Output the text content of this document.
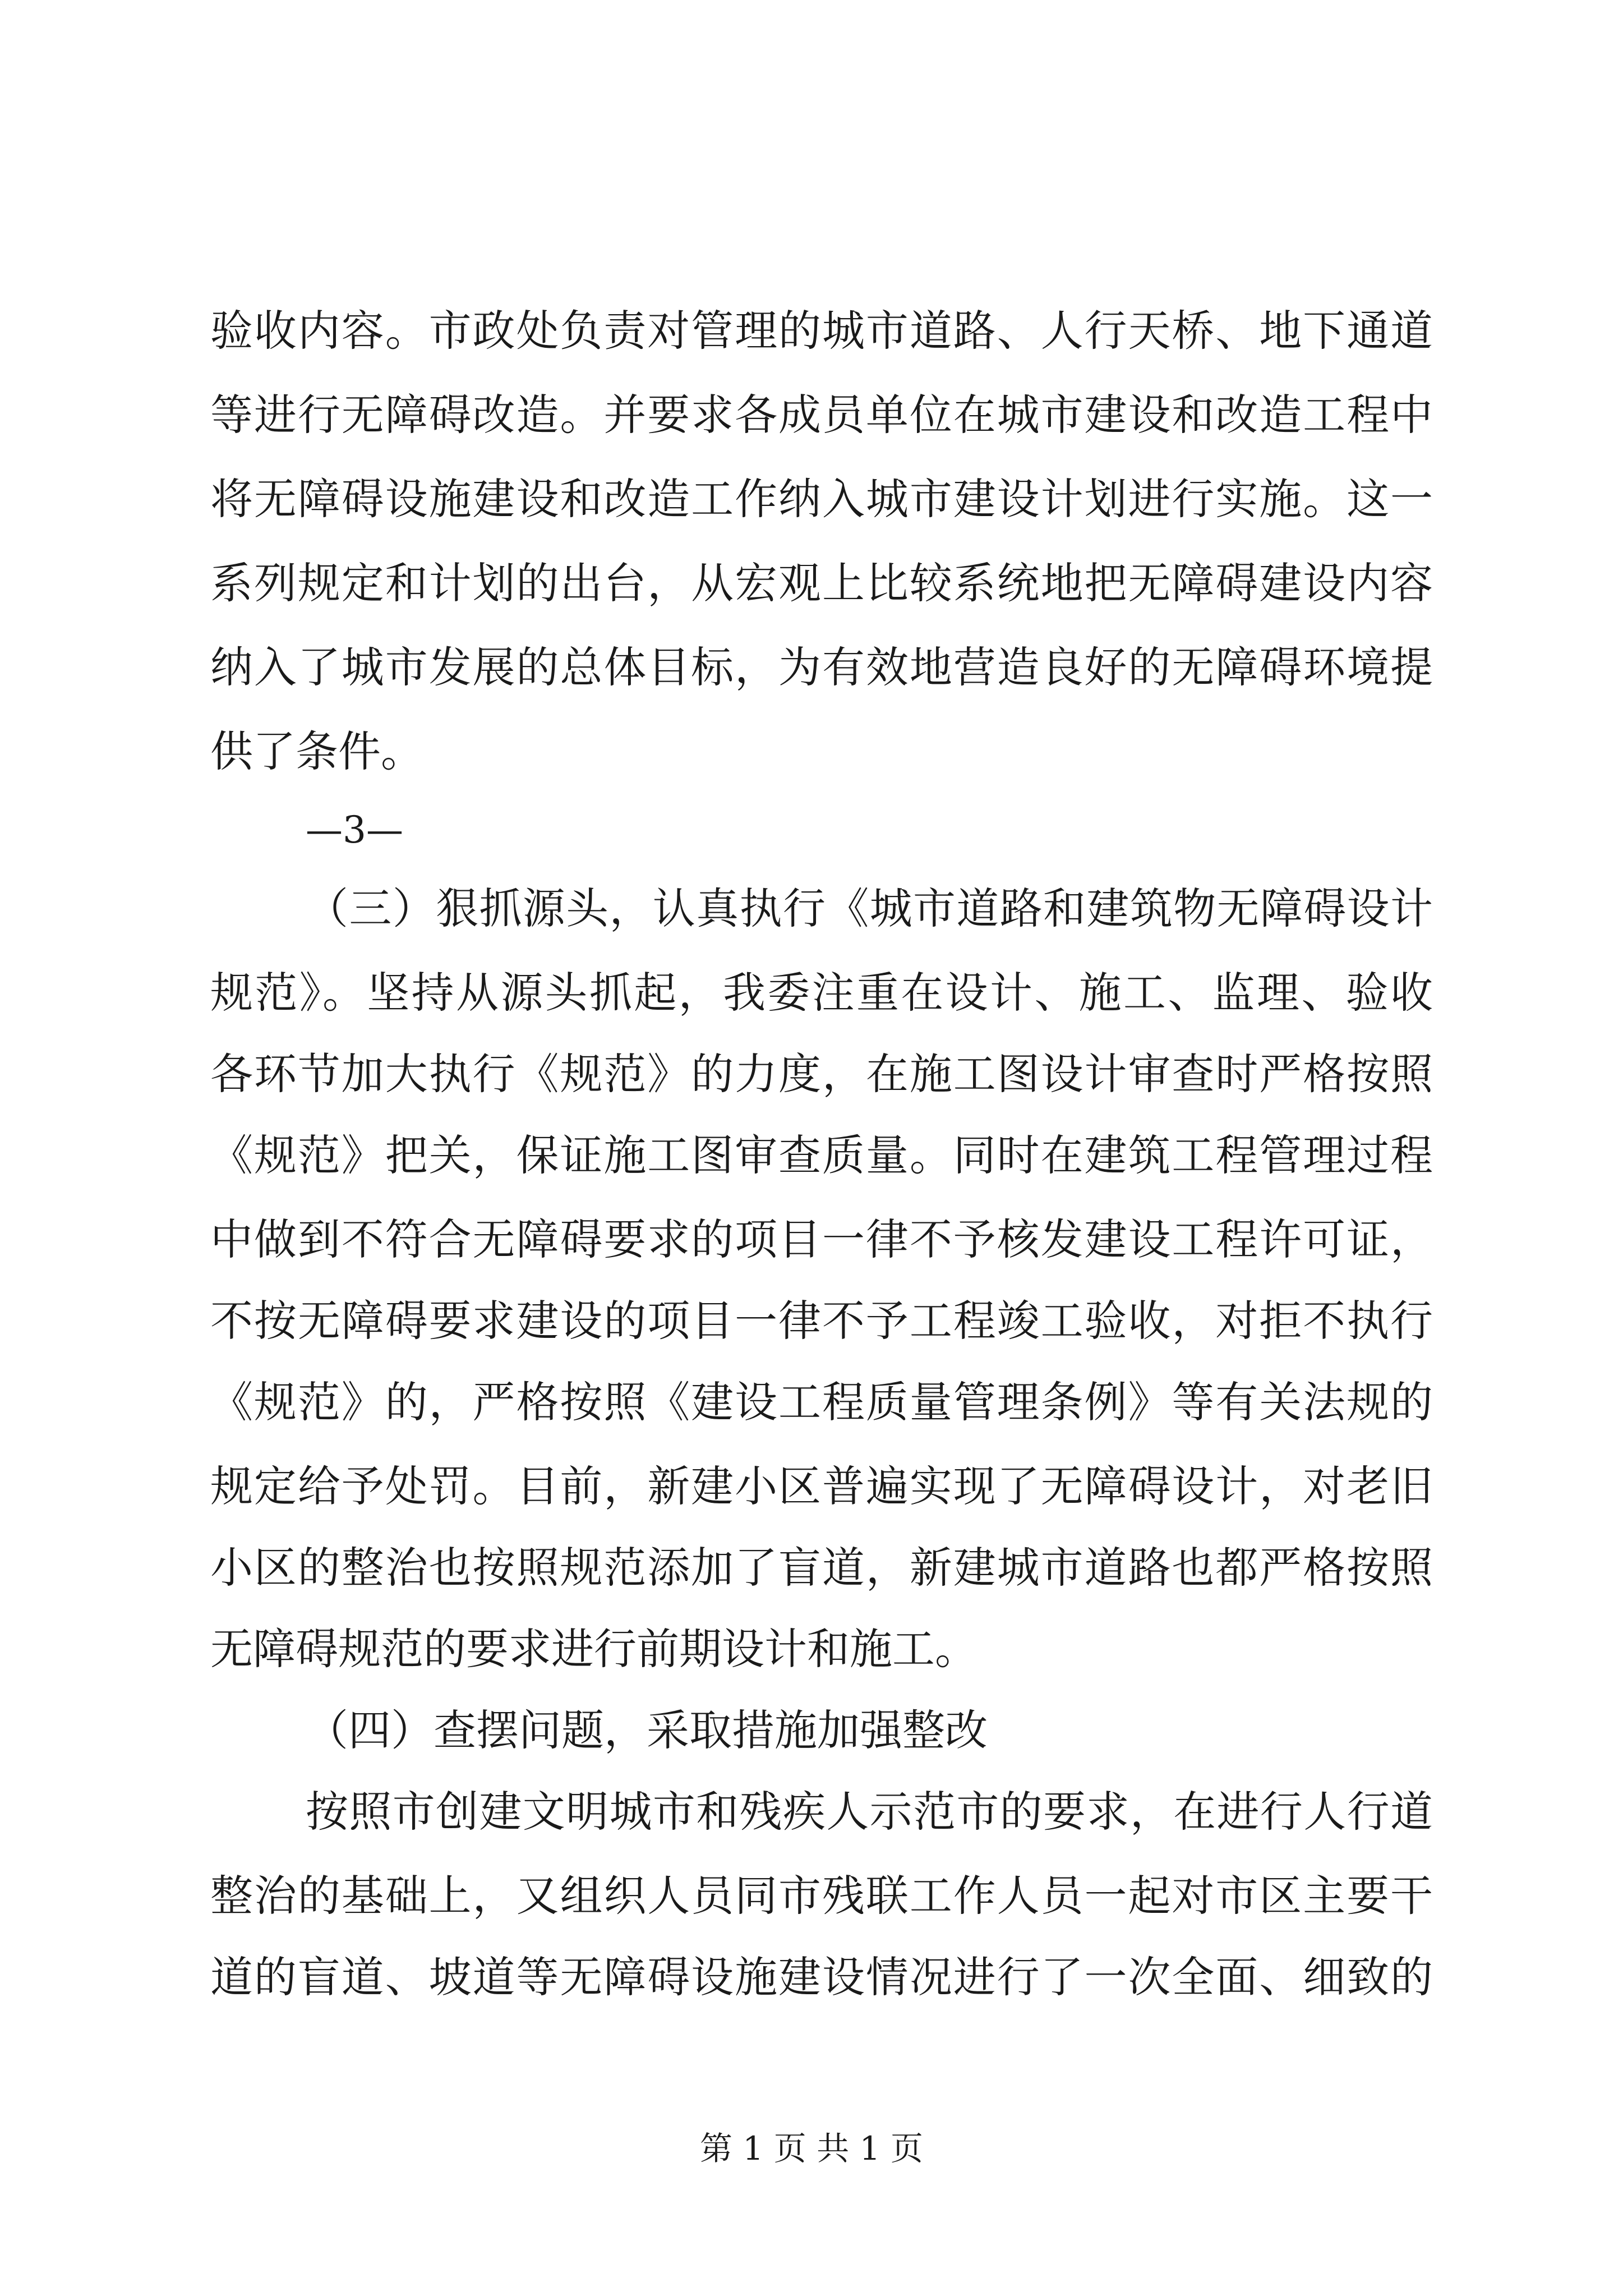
验收内容。市政处负责对管理的城市道路、人行天桥、地下通道
等进行无障碍改造。并要求各成员单位在城市建设和改造工程中
将无障碍设施建设和改造工作纳入城市建设计划进行实施。这一
系列规定和计划的出台，从宏观上比较系统地把无障碍建设内容
纳入了城市发展的总体目标，为有效地营造良好的无障碍环境提
供了条件。
—3—
（三）狠抓源头，认真执行《城市道路和建筑物无障碍设计
规范》。坚持从源头抓起，我委注重在设计、施工、监理、验收
各环节加大执行《规范》的力度，在施工图设计审查时严格按照
《规范》把关，保证施工图审查质量。同时在建筑工程管理过程
中做到不符合无障碍要求的项目一律不予核发建设工程许可证，
不按无障碍要求建设的项目一律不予工程竣工验收，对拒不执行
《规范》的，严格按照《建设工程质量管理条例》等有关法规的
规定给予处罚。目前，新建小区普遍实现了无障碍设计，对老旧
小区的整治也按照规范添加了盲道，新建城市道路也都严格按照
无障碍规范的要求进行前期设计和施工。
（四）查摆问题，采取措施加强整改
按照市创建文明城市和残疾人示范市的要求，在进行人行道
整治的基础上，又组织人员同市残联工作人员一起对市区主要干
道的盲道、坡道等无障碍设施建设情况进行了一次全面、细致的
第 1 页 共 1 页
